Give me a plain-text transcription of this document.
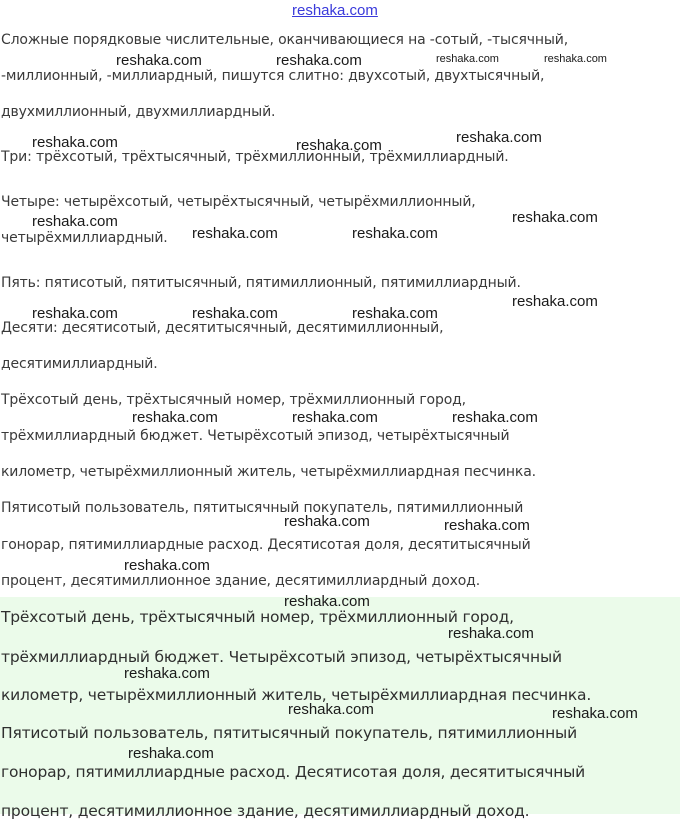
reshaka.com
Сложные порядковые числительные, оканчивающиеся на -сотый, -тысячный,
-миллионный, -миллиардный, пишутся слитно: двухсотый, двухтысячный,
двухмиллионный, двухмиллиардный.
Три: трёхсотый, трёхтысячный, трёхмиллионный, трёхмиллиардный.
Четыре: четырёхсотый, четырёхтысячный, четырёхмиллионный,
четырёхмиллиардный.
Пять: пятисотый, пятитысячный, пятимиллионный, пятимиллиардный.
Десяти: десятисотый, десятитысячный, десятимиллионный,
десятимиллиардный.
Трёхсотый день, трёхтысячный номер, трёхмиллионный город,
трёхмиллиардный бюджет. Четырёхсотый эпизод, четырёхтысячный
километр, четырёхмиллионный житель, четырёхмиллиардная песчинка.
Пятисотый пользователь, пятитысячный покупатель, пятимиллионный
гонорар, пятимиллиардные расход. Десятисотая доля, десятитысячный
процент, десятимиллионное здание, десятимиллиардный доход.
Трёхсотый день, трёхтысячный номер, трёхмиллионный город,
трёхмиллиардный бюджет. Четырёхсотый эпизод, четырёхтысячный
километр, четырёхмиллионный житель, четырёхмиллиардная песчинка.
Пятисотый пользователь, пятитысячный покупатель, пятимиллионный
гонорар, пятимиллиардные расход. Десятисотая доля, десятитысячный
процент, десятимиллионное здание, десятимиллиардный доход.
reshaka.com	reshaka.com	reshaka.com	reshaka.com
reshaka.com	reshaka.com	reshaka.com
reshaka.com	reshaka.com
reshaka.com	reshaka.com
reshaka.com
reshaka.com	reshaka.com	reshaka.com
reshaka.com	reshaka.com	reshaka.com
reshaka.com	reshaka.com
reshaka.com
reshaka.com
reshaka.com
reshaka.com
reshaka.com	reshaka.com
reshaka.com
